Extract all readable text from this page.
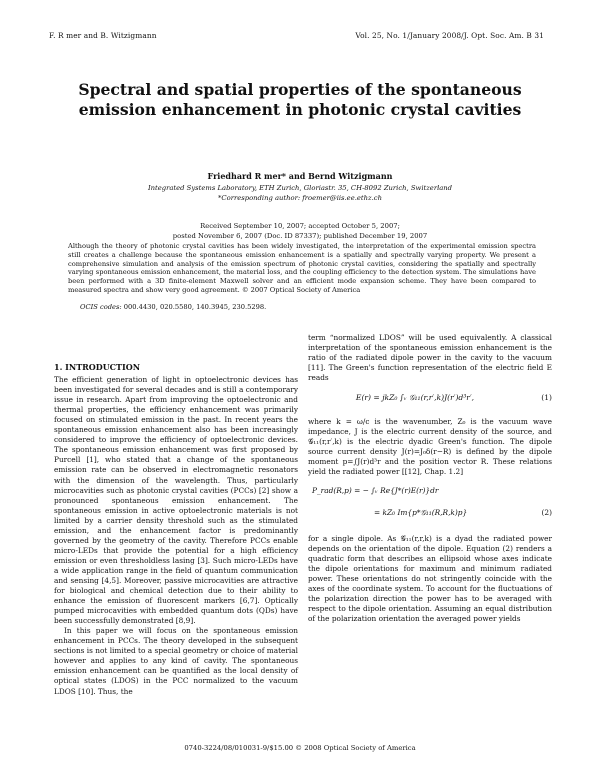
F. R mer and B. Witzigmann	Vol. 25, No. 1/January 2008/J. Opt. Soc. Am. B 31
Spectral and spatial properties of the spontaneous emission enhancement in photonic crystal cavities
Friedhard R mer* and Bernd Witzigmann
Integrated Systems Laboratory, ETH Zurich, Gloriastr. 35, CH-8092 Zurich, Switzerland
*Corresponding author: froemer@iis.ee.ethz.ch
Received September 10, 2007; accepted October 5, 2007;
posted November 6, 2007 (Doc. ID 87337); published December 19, 2007
Although the theory of photonic crystal cavities has been widely investigated, the interpretation of the experimental emission spectra still creates a challenge because the spontaneous emission enhancement is a spatially and spectrally varying property. We present a comprehensive simulation and analysis of the emission spectrum of photonic crystal cavities, considering the spatially and spectrally varying spontaneous emission enhancement, the material loss, and the coupling efficiency to the detection system. The simulations have been performed with a 3D finite-element Maxwell solver and an efficient mode expansion scheme. They have been compared to measured spectra and show very good agreement. © 2007 Optical Society of America
OCIS codes: 000.4430, 020.5580, 140.3945, 230.5298.
1. INTRODUCTION

The efficient generation of light in optoelectronic devices has been investigated for several decades and is still a contemporary issue in research. Apart from improving the optoelectronic and thermal properties, the efficiency enhancement was primarily focused on stimulated emission in the past. In recent years the spontaneous emission enhancement also has been increasingly considered to improve the efficiency of optoelectronic devices. The spontaneous emission enhancement was first proposed by Purcell [1], who stated that a change of the spontaneous emission rate can be observed in electromagnetic resonators with the dimension of the wavelength. Thus, particularly microcavities such as photonic crystal cavities (PCCs) [2] show a pronounced spontaneous emission enhancement. The spontaneous emission in active optoelectronic materials is not limited by a carrier density threshold such as the stimulated emission, and the enhancement factor is predominantly governed by the geometry of the cavity. Therefore PCCs enable micro-LEDs that provide the potential for a high efficiency emission or even thresholdless lasing [3]. Such micro-LEDs have a wide application range in the field of quantum communication and sensing [4,5]. Moreover, passive microcavities are attractive for biological and chemical detection due to their ability to enhance the emission of fluorescent markers [6,7]. Optically pumped microcavities with embedded quantum dots (QDs) have been successfully demonstrated [8,9].

In this paper we will focus on the spontaneous emission enhancement in PCCs. The theory developed in the subsequent sections is not limited to a special geometry or choice of material however and applies to any kind of cavity. The spontaneous emission enhancement can be quantified as the local density of optical states (LDOS) in the PCC normalized to the vacuum LDOS [10]. Thus, the

term “normalized LDOS” will be used equivalently. A classical interpretation of the spontaneous emission enhancement is the ratio of the radiated dipole power in the cavity to the vacuum [11]. The Green's function representation of the electric field E reads

E(r) = jkZ₀ ∫ᵥ 𝒢₁₁(r,r′,k)J(r′)d³r′,	(1)

where k = ω/c is the wavenumber, Z₀ is the vacuum wave impedance, J is the electric current density of the source, and 𝒢₁₁(r,r′,k) is the electric dyadic Green's function. The dipole source current density J(r)=J₀δ(r−R) is defined by the dipole moment p=∫J(r)d³r and the position vector R. These relations yield the radiated power [[12], Chap. 1.2]

P_rad(R,p) = − ∫ᵥ Re{J*(r)E(r)}dr
= kZ₀ Im{p*𝒢₁₁(R,R,k)p}	(2)

for a single dipole. As 𝒢₁₁(r,r,k) is a dyad the radiated power depends on the orientation of the dipole. Equation (2) renders a quadratic form that describes an ellipsoid whose axes indicate the dipole orientations for maximum and minimum radiated power. These orientations do not stringently coincide with the axes of the coordinate system. To account for the fluctuations of the polarization direction the power has to be averaged with respect to the dipole orientation. Assuming an equal distribution of the polarization orientation the averaged power yields

0740-3224/08/010031-9/$15.00 © 2008 Optical Society of America
